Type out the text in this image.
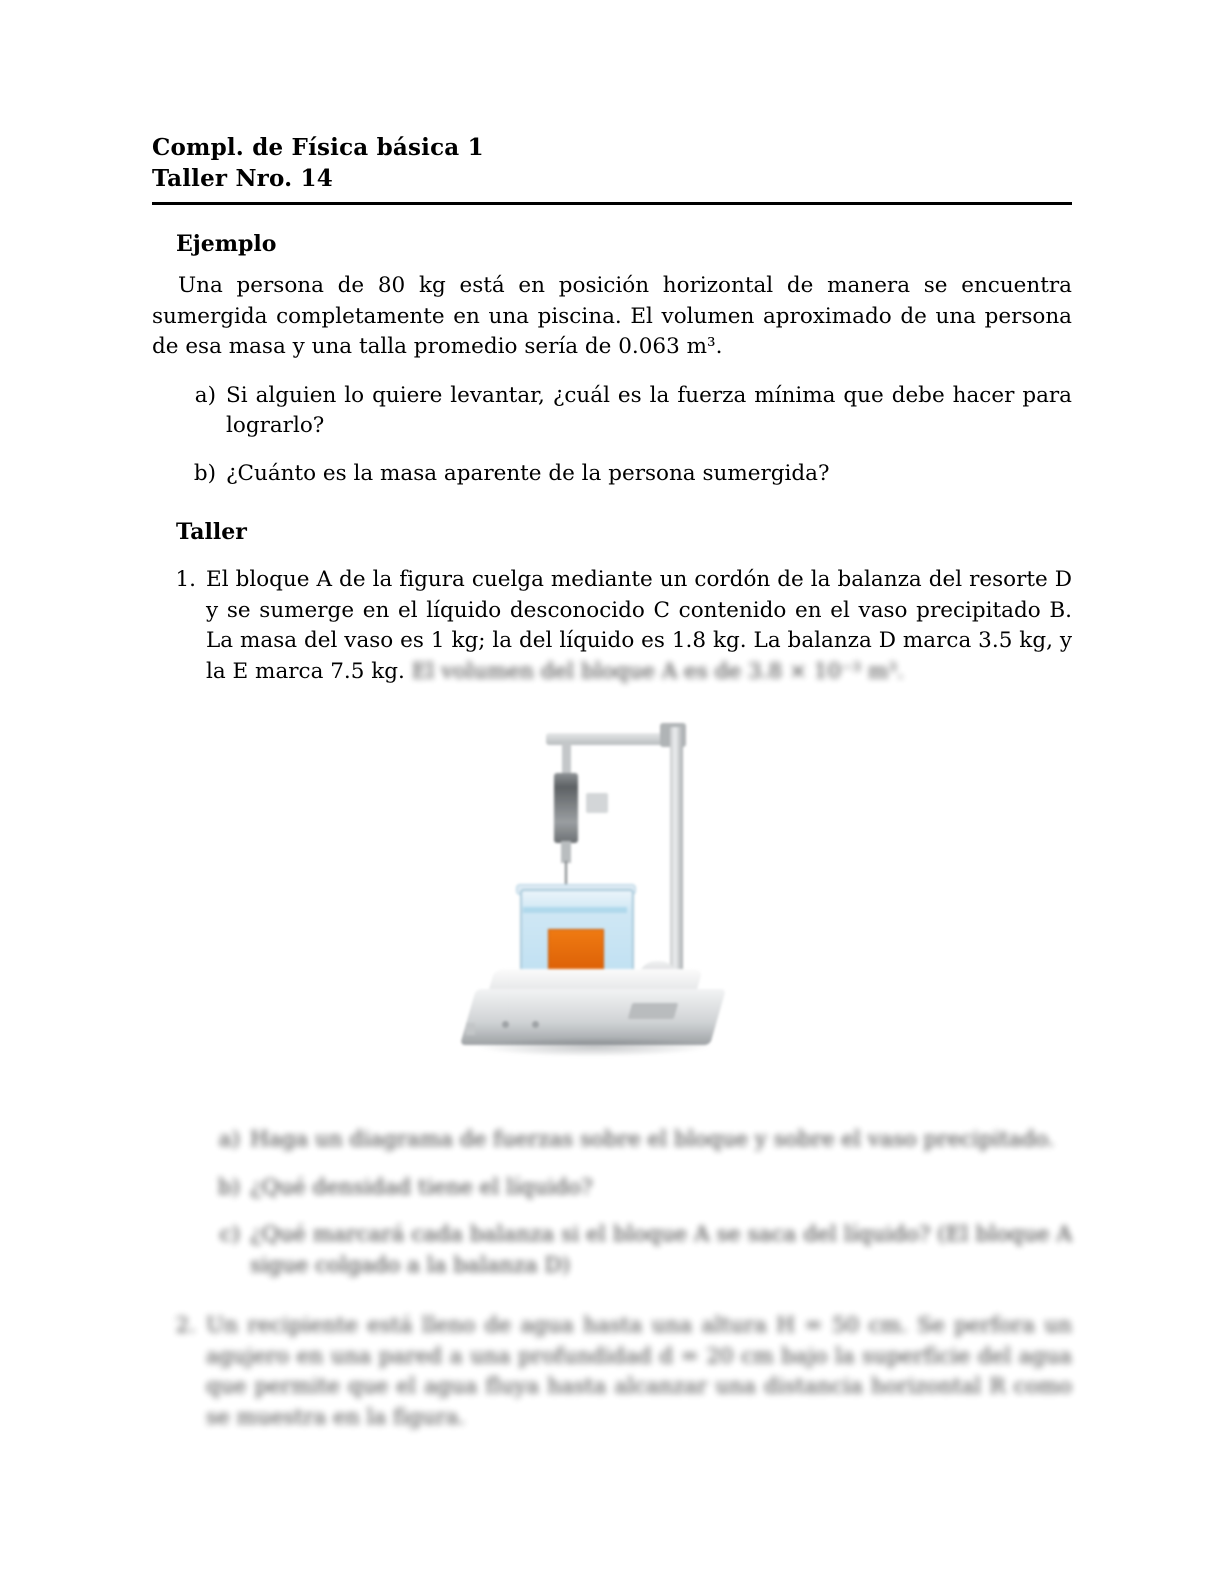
Compl. de Física básica 1
Taller Nro. 14
Ejemplo

Una persona de 80 kg está en posición horizontal de manera se encuentra sumergida completamente en una piscina. El volumen aproximado de una persona de esa masa y una talla promedio sería de 0.063 m³.

a) Si alguien lo quiere levantar, ¿cuál es la fuerza mínima que debe hacer para lograrlo?
b) ¿Cuánto es la masa aparente de la persona sumergida?
Taller
1. El bloque A de la figura cuelga mediante un cordón de la balanza del resorte D y se sumerge en el líquido desconocido C contenido en el vaso precipitado B. La masa del vaso es 1 kg; la del líquido es 1.8 kg. La balanza D marca 3.5 kg, y la E marca 7.5 kg. El volumen del bloque A es de 3.8 × 10⁻³ m³.
a) Haga un diagrama de fuerzas sobre el bloque y sobre el vaso precipitado.
b) ¿Qué densidad tiene el líquido?
c) ¿Qué marcará cada balanza si el bloque A se saca del líquido? (El bloque A sigue colgado a la balanza D)
2. Un recipiente está lleno de agua hasta una altura H = 50 cm. Se perfora un agujero en una pared a una profundidad d = 20 cm bajo la superficie del agua que permite que el agua fluya hasta alcanzar una distancia horizontal R como se muestra en la figura.
